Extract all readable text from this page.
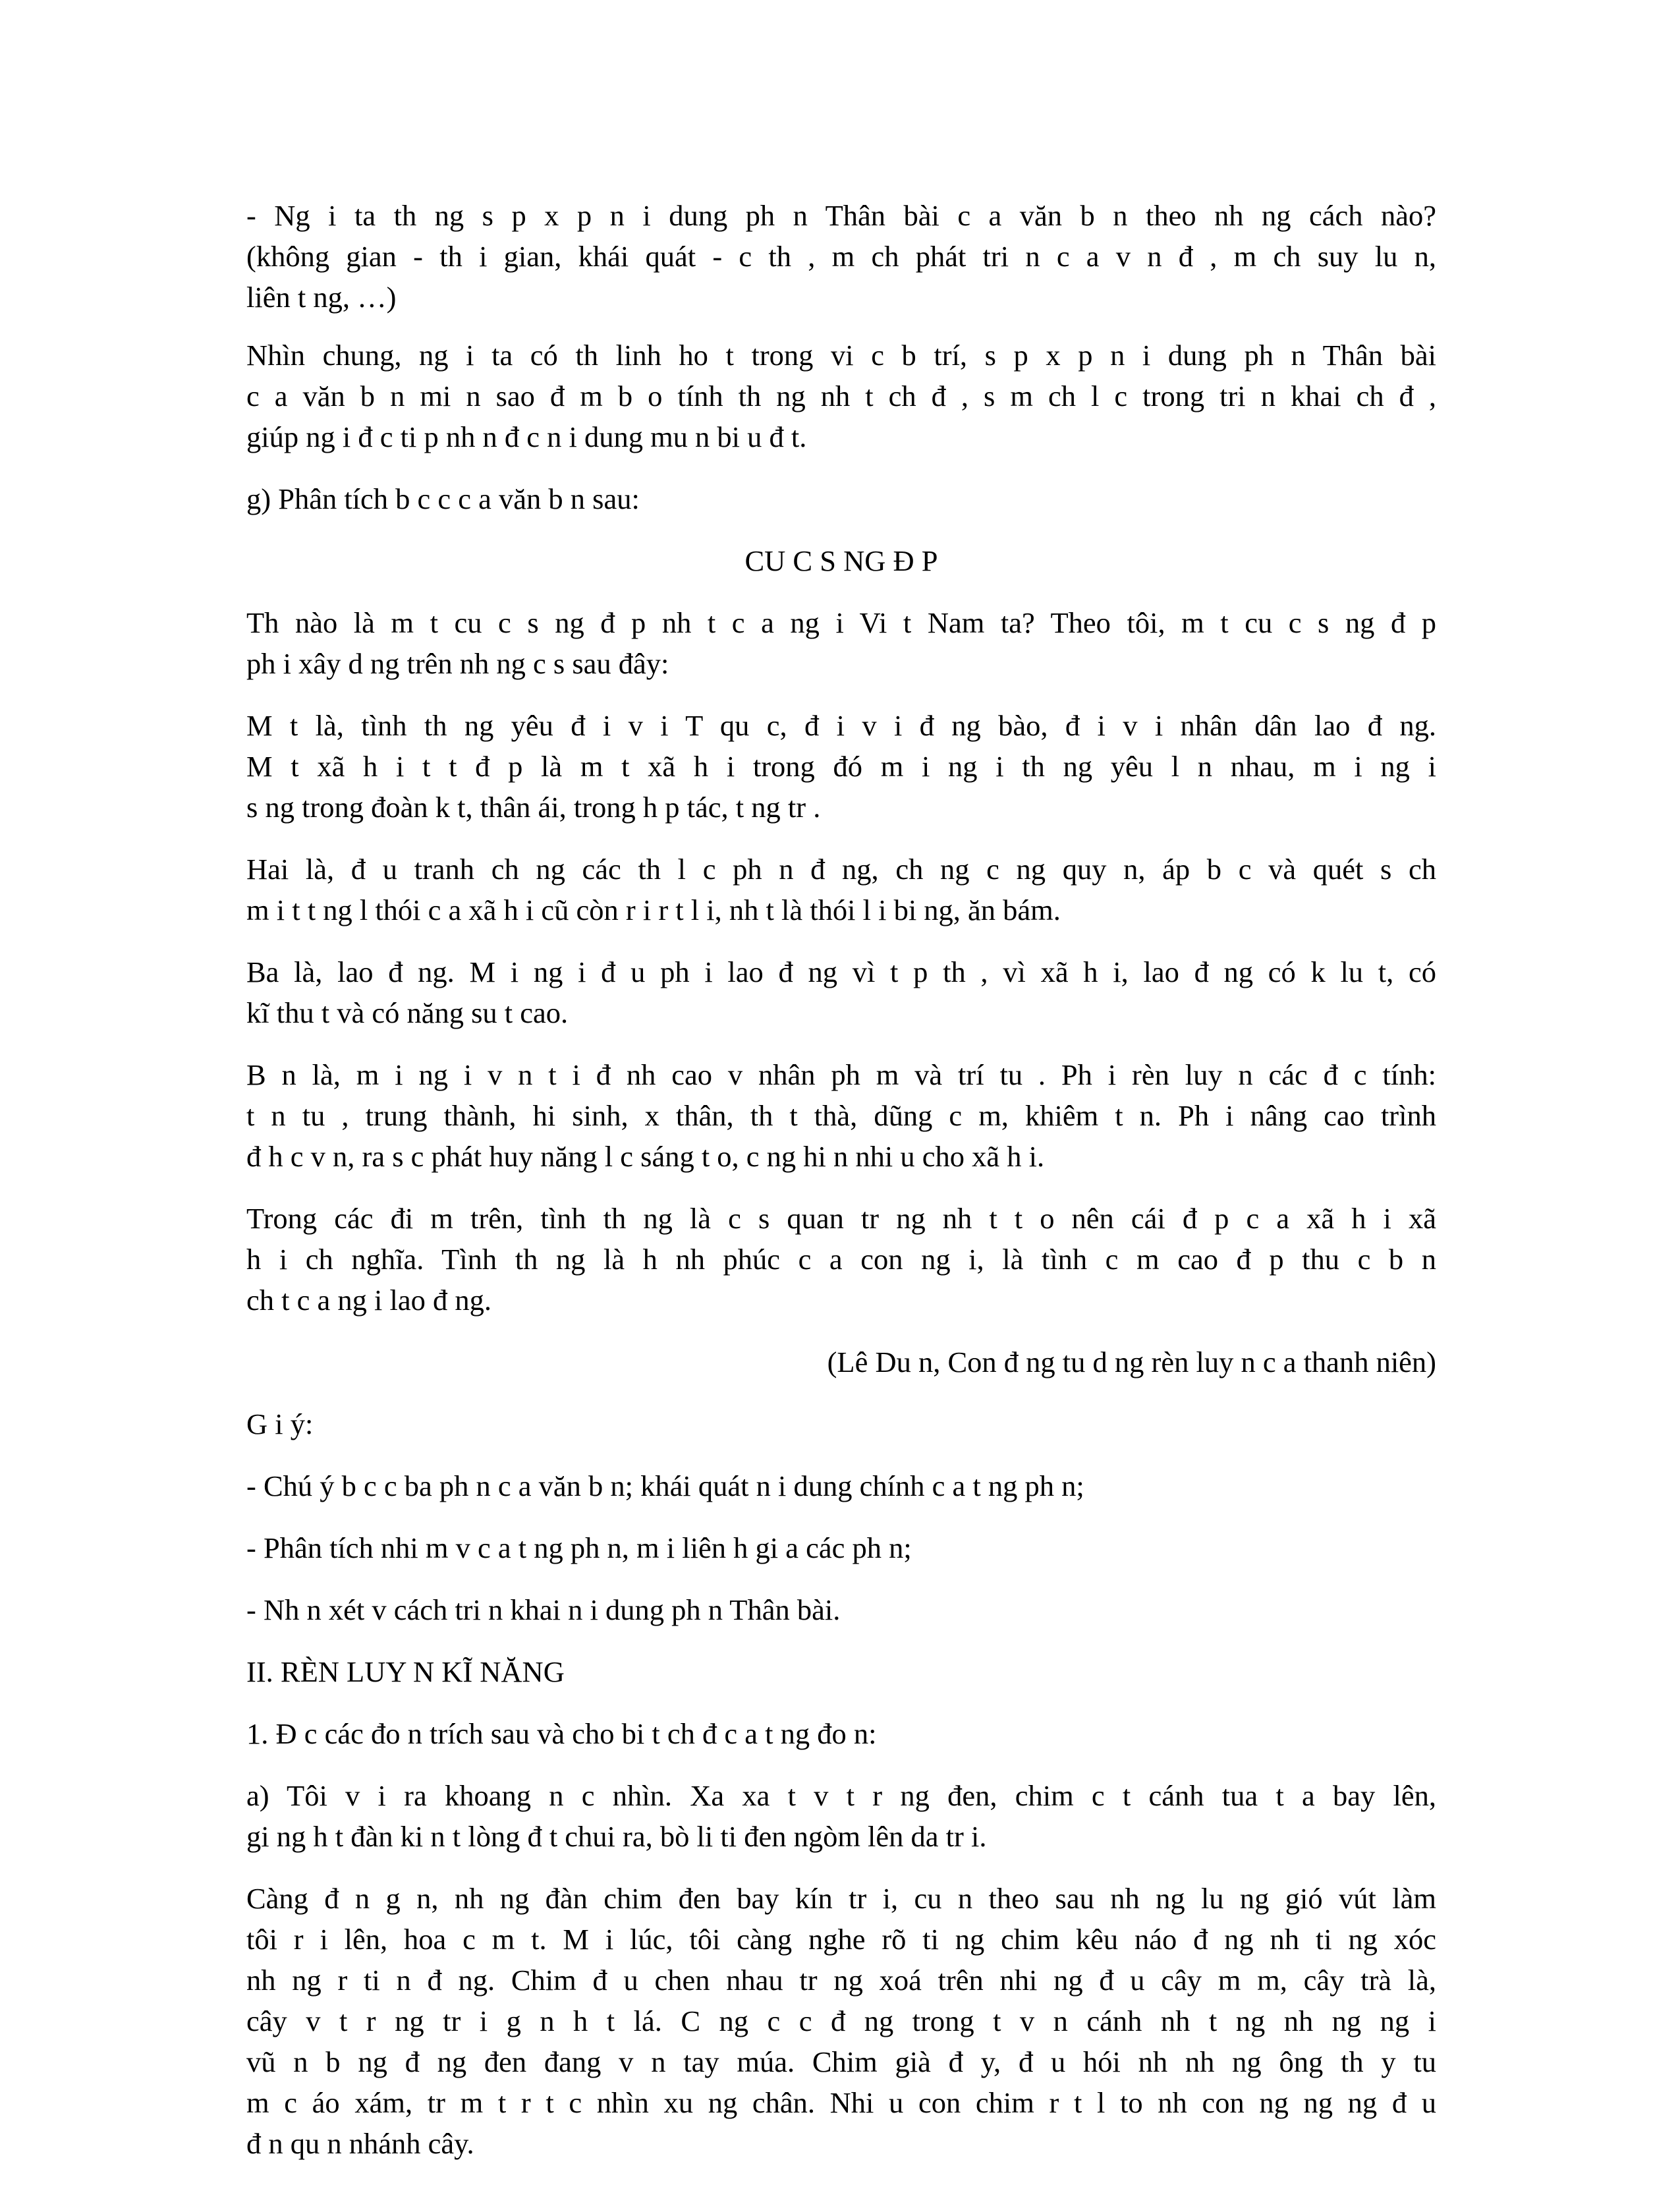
- Ng i ta th ng s p x p n i dung ph n Thân bài c a văn b n theo nh ng cách nào?
(không gian - th i gian, khái quát - c th , m ch phát tri n c a v n đ , m ch suy lu n,
liên t ng, …)
Nhìn chung, ng i ta có th linh ho t trong vi c b trí, s p x p n i dung ph n Thân bài
c a văn b n mi n sao đ m b o tính th ng nh t ch đ , s m ch l c trong tri n khai ch đ ,
giúp ng i đ c ti p nh n đ c n i dung mu n bi u đ t.
g) Phân tích b c c c a văn b n sau:
CU C S NG Đ P
Th nào là m t cu c s ng đ p nh t c a ng i Vi t Nam ta? Theo tôi, m t cu c s ng đ p
ph i xây d ng trên nh ng c s sau đây:
M t là, tình th ng yêu đ i v i T qu c, đ i v i đ ng bào, đ i v i nhân dân lao đ ng.
M t xã h i t t đ p là m t xã h i trong đó m i ng i th ng yêu l n nhau, m i ng i
s ng trong đoàn k t, thân ái, trong h p tác, t ng tr .
Hai là, đ u tranh ch ng các th l c ph n đ ng, ch ng c ng quy n, áp b c và quét s ch
m i t t ng l thói c a xã h i cũ còn r i r t l i, nh t là thói l i bi ng, ăn bám.
Ba là, lao đ ng. M i ng i đ u ph i lao đ ng vì t p th , vì xã h i, lao đ ng có k lu t, có
kĩ thu t và có năng su t cao.
B n là, m i ng i v n t i đ nh cao v nhân ph m và trí tu . Ph i rèn luy n các đ c tính:
t n tu , trung thành, hi sinh, x thân, th t thà, dũng c m, khiêm t n. Ph i nâng cao trình
đ h c v n, ra s c phát huy năng l c sáng t o, c ng hi n nhi u cho xã h i.
Trong các đi m trên, tình th ng là c s quan tr ng nh t t o nên cái đ p c a xã h i xã
h i ch nghĩa. Tình th ng là h nh phúc c a con ng i, là tình c m cao đ p thu c b n
ch t c a ng i lao đ ng.
(Lê Du n, Con đ ng tu d ng rèn luy n c a thanh niên)
G i ý:
- Chú ý b c c ba ph n c a văn b n; khái quát n i dung chính c a t ng ph n;
- Phân tích nhi m v c a t ng ph n, m i liên h gi a các ph n;
- Nh n xét v cách tri n khai n i dung ph n Thân bài.
II. RÈN LUY N KĨ NĂNG
1. Đ c các đo n trích sau và cho bi t ch đ c a t ng đo n:
a) Tôi v i ra khoang n c nhìn. Xa xa t v t r ng đen, chim c t cánh tua t a bay lên,
gi ng h t đàn ki n t lòng đ t chui ra, bò li ti đen ngòm lên da tr i.
Càng đ n g n, nh ng đàn chim đen bay kín tr i, cu n theo sau nh ng lu ng gió vút làm
tôi r i lên, hoa c m t. M i lúc, tôi càng nghe rõ ti ng chim kêu náo đ ng nh ti ng xóc
nh ng r ti n đ ng. Chim đ u chen nhau tr ng xoá trên nhi ng đ u cây m m, cây trà là,
cây v t r ng tr i g n h t lá. C ng c c đ ng trong t v n cánh nh t ng nh ng ng i
vũ n b ng đ ng đen đang v n tay múa. Chim già đ y, đ u hói nh nh ng ông th y tu
m c áo xám, tr m t r t c nhìn xu ng chân. Nhi u con chim r t l to nh con ng ng ng đ u
đ n qu n nhánh cây.
